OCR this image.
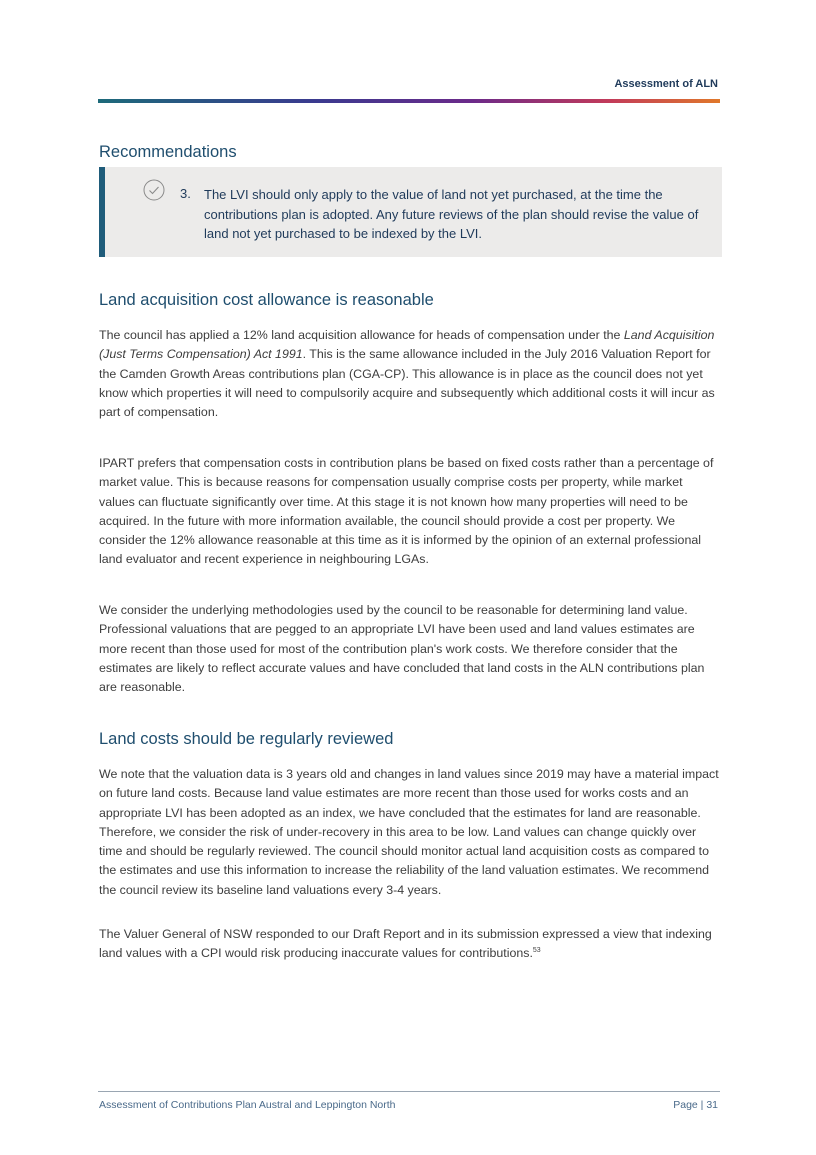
Assessment of ALN
Recommendations
3. The LVI should only apply to the value of land not yet purchased, at the time the contributions plan is adopted. Any future reviews of the plan should revise the value of land not yet purchased to be indexed by the LVI.

Land acquisition cost allowance is reasonable

The council has applied a 12% land acquisition allowance for heads of compensation under the Land Acquisition (Just Terms Compensation) Act 1991. This is the same allowance included in the July 2016 Valuation Report for the Camden Growth Areas contributions plan (CGA-CP). This allowance is in place as the council does not yet know which properties it will need to compulsorily acquire and subsequently which additional costs it will incur as part of compensation.

IPART prefers that compensation costs in contribution plans be based on fixed costs rather than a percentage of market value. This is because reasons for compensation usually comprise costs per property, while market values can fluctuate significantly over time. At this stage it is not known how many properties will need to be acquired. In the future with more information available, the council should provide a cost per property. We consider the 12% allowance reasonable at this time as it is informed by the opinion of an external professional land evaluator and recent experience in neighbouring LGAs.

We consider the underlying methodologies used by the council to be reasonable for determining land value. Professional valuations that are pegged to an appropriate LVI have been used and land values estimates are more recent than those used for most of the contribution plan's work costs. We therefore consider that the estimates are likely to reflect accurate values and have concluded that land costs in the ALN contributions plan are reasonable.

Land costs should be regularly reviewed

We note that the valuation data is 3 years old and changes in land values since 2019 may have a material impact on future land costs. Because land value estimates are more recent than those used for works costs and an appropriate LVI has been adopted as an index, we have concluded that the estimates for land are reasonable. Therefore, we consider the risk of under-recovery in this area to be low. Land values can change quickly over time and should be regularly reviewed. The council should monitor actual land acquisition costs as compared to the estimates and use this information to increase the reliability of the land valuation estimates. We recommend the council review its baseline land valuations every 3-4 years.

The Valuer General of NSW responded to our Draft Report and in its submission expressed a view that indexing land values with a CPI would risk producing inaccurate values for contributions.$^{53}$

Assessment of Contributions Plan Austral and Leppington North	Page | 31
